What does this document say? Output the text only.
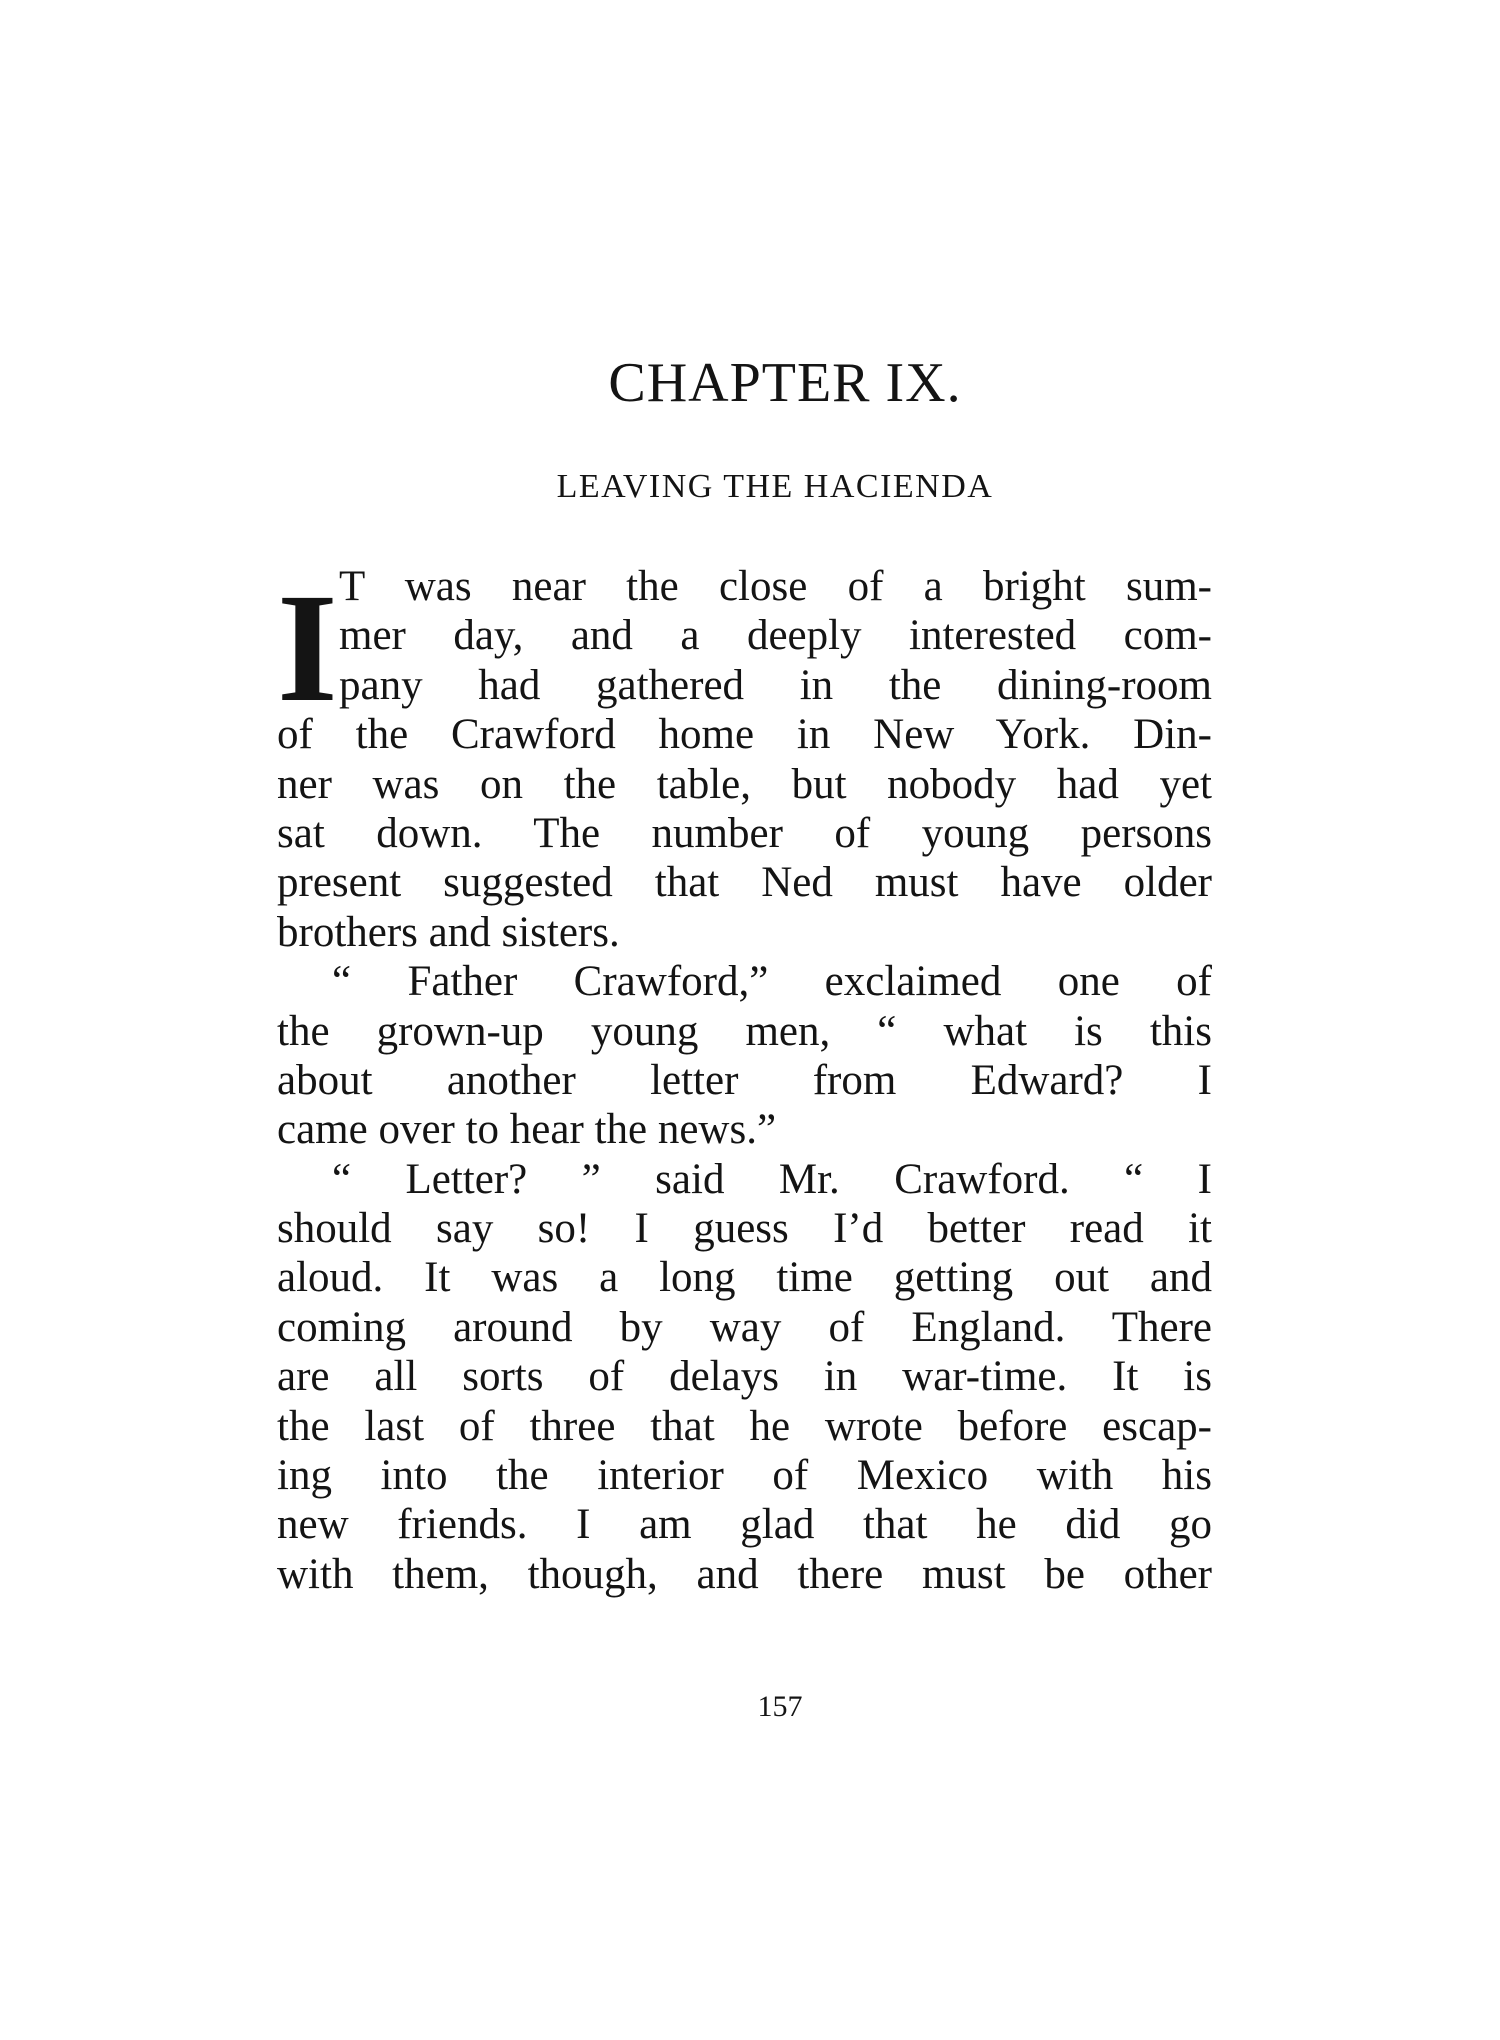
CHAPTER IX.
LEAVING THE HACIENDA
I T was near the close of a bright sum-
mer day, and a deeply interested com-
pany had gathered in the dining-room
of the Crawford home in New York. Din-
ner was on the table, but nobody had yet
sat down. The number of young persons
present suggested that Ned must have older
brothers and sisters.
“ Father Crawford,” exclaimed one of
the grown-up young men, “ what is this
about another letter from Edward? I
came over to hear the news.”
“ Letter? ” said Mr. Crawford. “ I
should say so! I guess I’d better read it
aloud. It was a long time getting out and
coming around by way of England. There
are all sorts of delays in war-time. It is
the last of three that he wrote before escap-
ing into the interior of Mexico with his
new friends. I am glad that he did go
with them, though, and there must be other
157
